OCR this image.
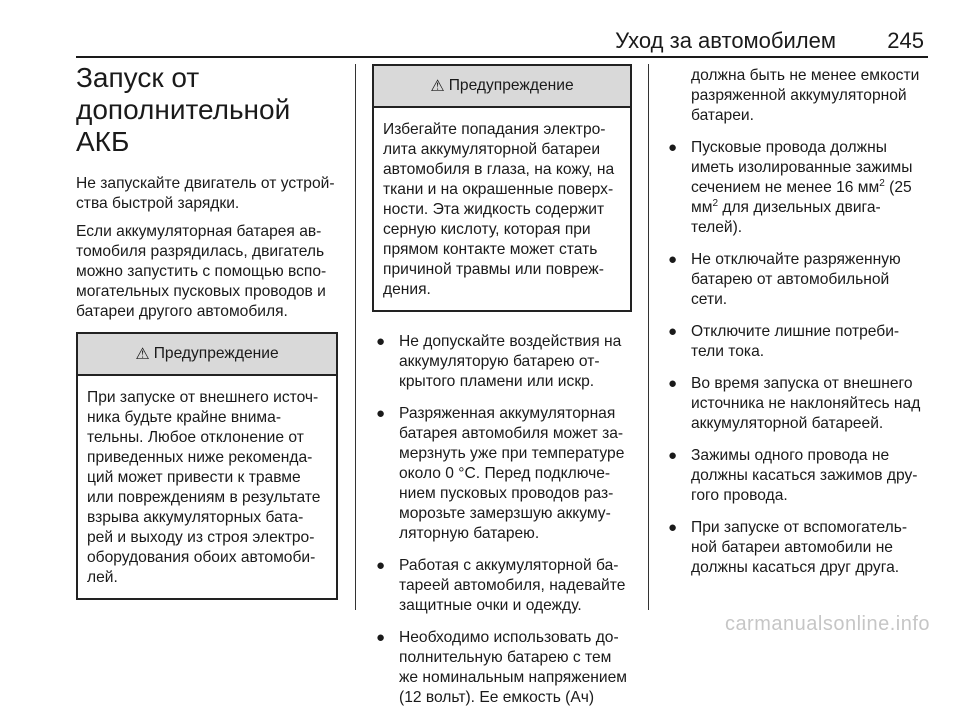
Уход за автомобилем 245
Запуск от
дополнительной АКБ

Не запускайте двигатель от устрой- ства быстрой зарядки.

Если аккумуляторная батарея ав- томобиля разрядилась, двигатель можно запустить с помощью вспо- могательных пусковых проводов и батареи другого автомобиля.

⚠ Предупреждение
При запуске от внешнего источ- ника будьте крайне внима- тельны. Любое отклонение от приведенных ниже рекоменда- ций может привести к травме или повреждениям в результате взрыва аккумуляторных бата- рей и выходу из строя электро- оборудования обоих автомоби- лей.
⚠ Предупреждение
Избегайте попадания электро- лита аккумуляторной батареи автомобиля в глаза, на кожу, на ткани и на окрашенные поверх- ности. Эта жидкость содержит серную кислоту, которая при прямом контакте может стать причиной травмы или повреж- дения.
● Не допускайте воздействия на аккумуляторую батарею от- крытого пламени или искр.
● Разряженная аккумуляторная батарея автомобиля может за- мерзнуть уже при температуре около 0 °C. Перед подключе- нием пусковых проводов раз- морозьте замерзшую аккуму- ляторную батарею.
● Работая с аккумуляторной ба- тареей автомобиля, надевайте защитные очки и одежду.
● Необходимо использовать до- полнительную батарею с тем же номинальным напряжением (12 вольт). Ее емкость (Ач)
должна быть не менее емкости разряженной аккумуляторной батареи.
● Пусковые провода должны иметь изолированные зажимы сечением не менее 16 $мм^2$ (25 $мм^2$ для дизельных двига- телей).
● Не отключайте разряженную батарею от автомобильной сети.
● Отключите лишние потреби- тели тока.
● Во время запуска от внешнего источника не наклоняйтесь над аккумуляторной батареей.
● Зажимы одного провода не должны касаться зажимов дру- гого провода.
● При запуске от вспомогатель- ной батареи автомобили не должны касаться друг друга.
carmanualsonline.info
